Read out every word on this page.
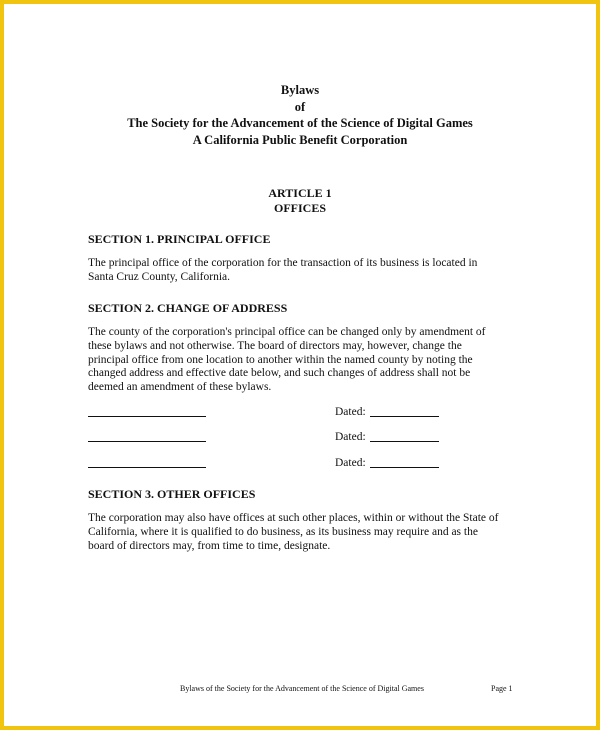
Bylaws
of
The Society for the Advancement of the Science of Digital Games
A California Public Benefit Corporation
ARTICLE 1
OFFICES
SECTION 1. PRINCIPAL OFFICE
The principal office of the corporation for the transaction of its business is located in
Santa Cruz County, California.
SECTION 2. CHANGE OF ADDRESS
The county of the corporation's principal office can be changed only by amendment of
these bylaws and not otherwise. The board of directors may, however, change the
principal office from one location to another within the named county by noting the
changed address and effective date below, and such changes of address shall not be
deemed an amendment of these bylaws.
Dated:
Dated:
Dated:
SECTION 3. OTHER OFFICES
The corporation may also have offices at such other places, within or without the State of
California, where it is qualified to do business, as its business may require and as the
board of directors may, from time to time, designate.
Bylaws of the Society for the Advancement of the Science of Digital Games	Page 1
